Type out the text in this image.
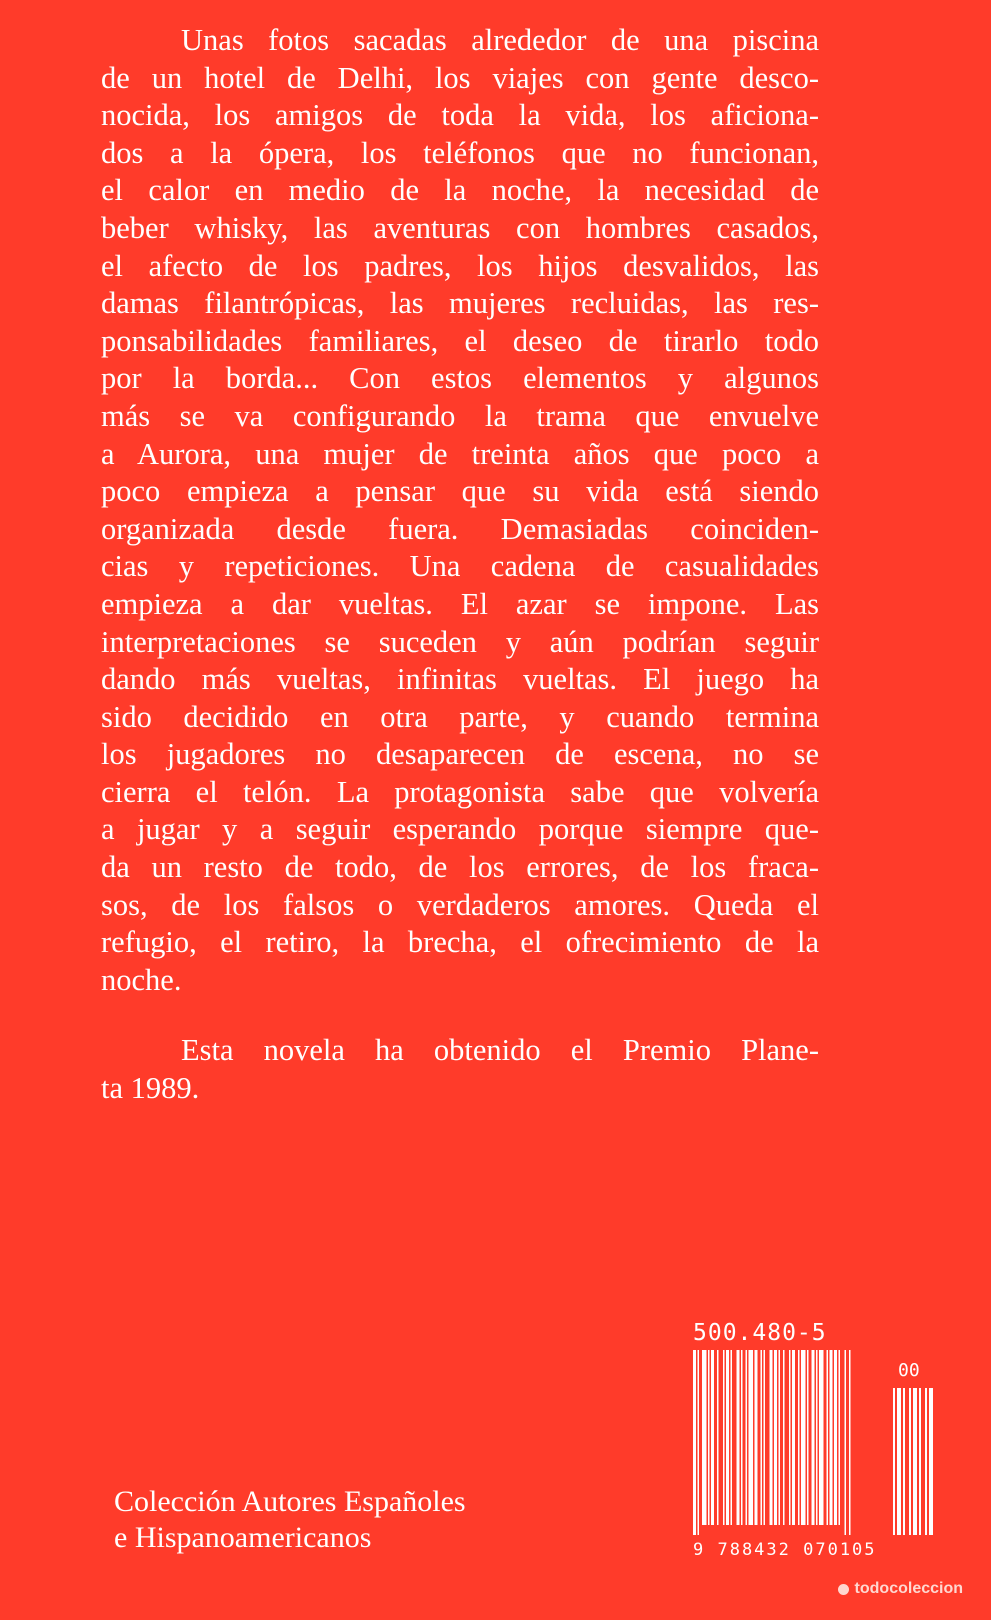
Unas fotos sacadas alrededor de una piscina
de un hotel de Delhi, los viajes con gente desco-
nocida, los amigos de toda la vida, los aficiona-
dos a la ópera, los teléfonos que no funcionan,
el calor en medio de la noche, la necesidad de
beber whisky, las aventuras con hombres casados,
el afecto de los padres, los hijos desvalidos, las
damas filantrópicas, las mujeres recluidas, las res-
ponsabilidades familiares, el deseo de tirarlo todo
por la borda... Con estos elementos y algunos
más se va configurando la trama que envuelve
a Aurora, una mujer de treinta años que poco a
poco empieza a pensar que su vida está siendo
organizada desde fuera. Demasiadas coinciden-
cias y repeticiones. Una cadena de casualidades
empieza a dar vueltas. El azar se impone. Las
interpretaciones se suceden y aún podrían seguir
dando más vueltas, infinitas vueltas. El juego ha
sido decidido en otra parte, y cuando termina
los jugadores no desaparecen de escena, no se
cierra el telón. La protagonista sabe que volvería
a jugar y a seguir esperando porque siempre que-
da un resto de todo, de los errores, de los fraca-
sos, de los falsos o verdaderos amores. Queda el
refugio, el retiro, la brecha, el ofrecimiento de la
noche.
Esta novela ha obtenido el Premio Plane-
ta 1989.
500.480-5
00
9 788432 070105
Colección Autores Españoles
e Hispanoamericanos
todocoleccion
